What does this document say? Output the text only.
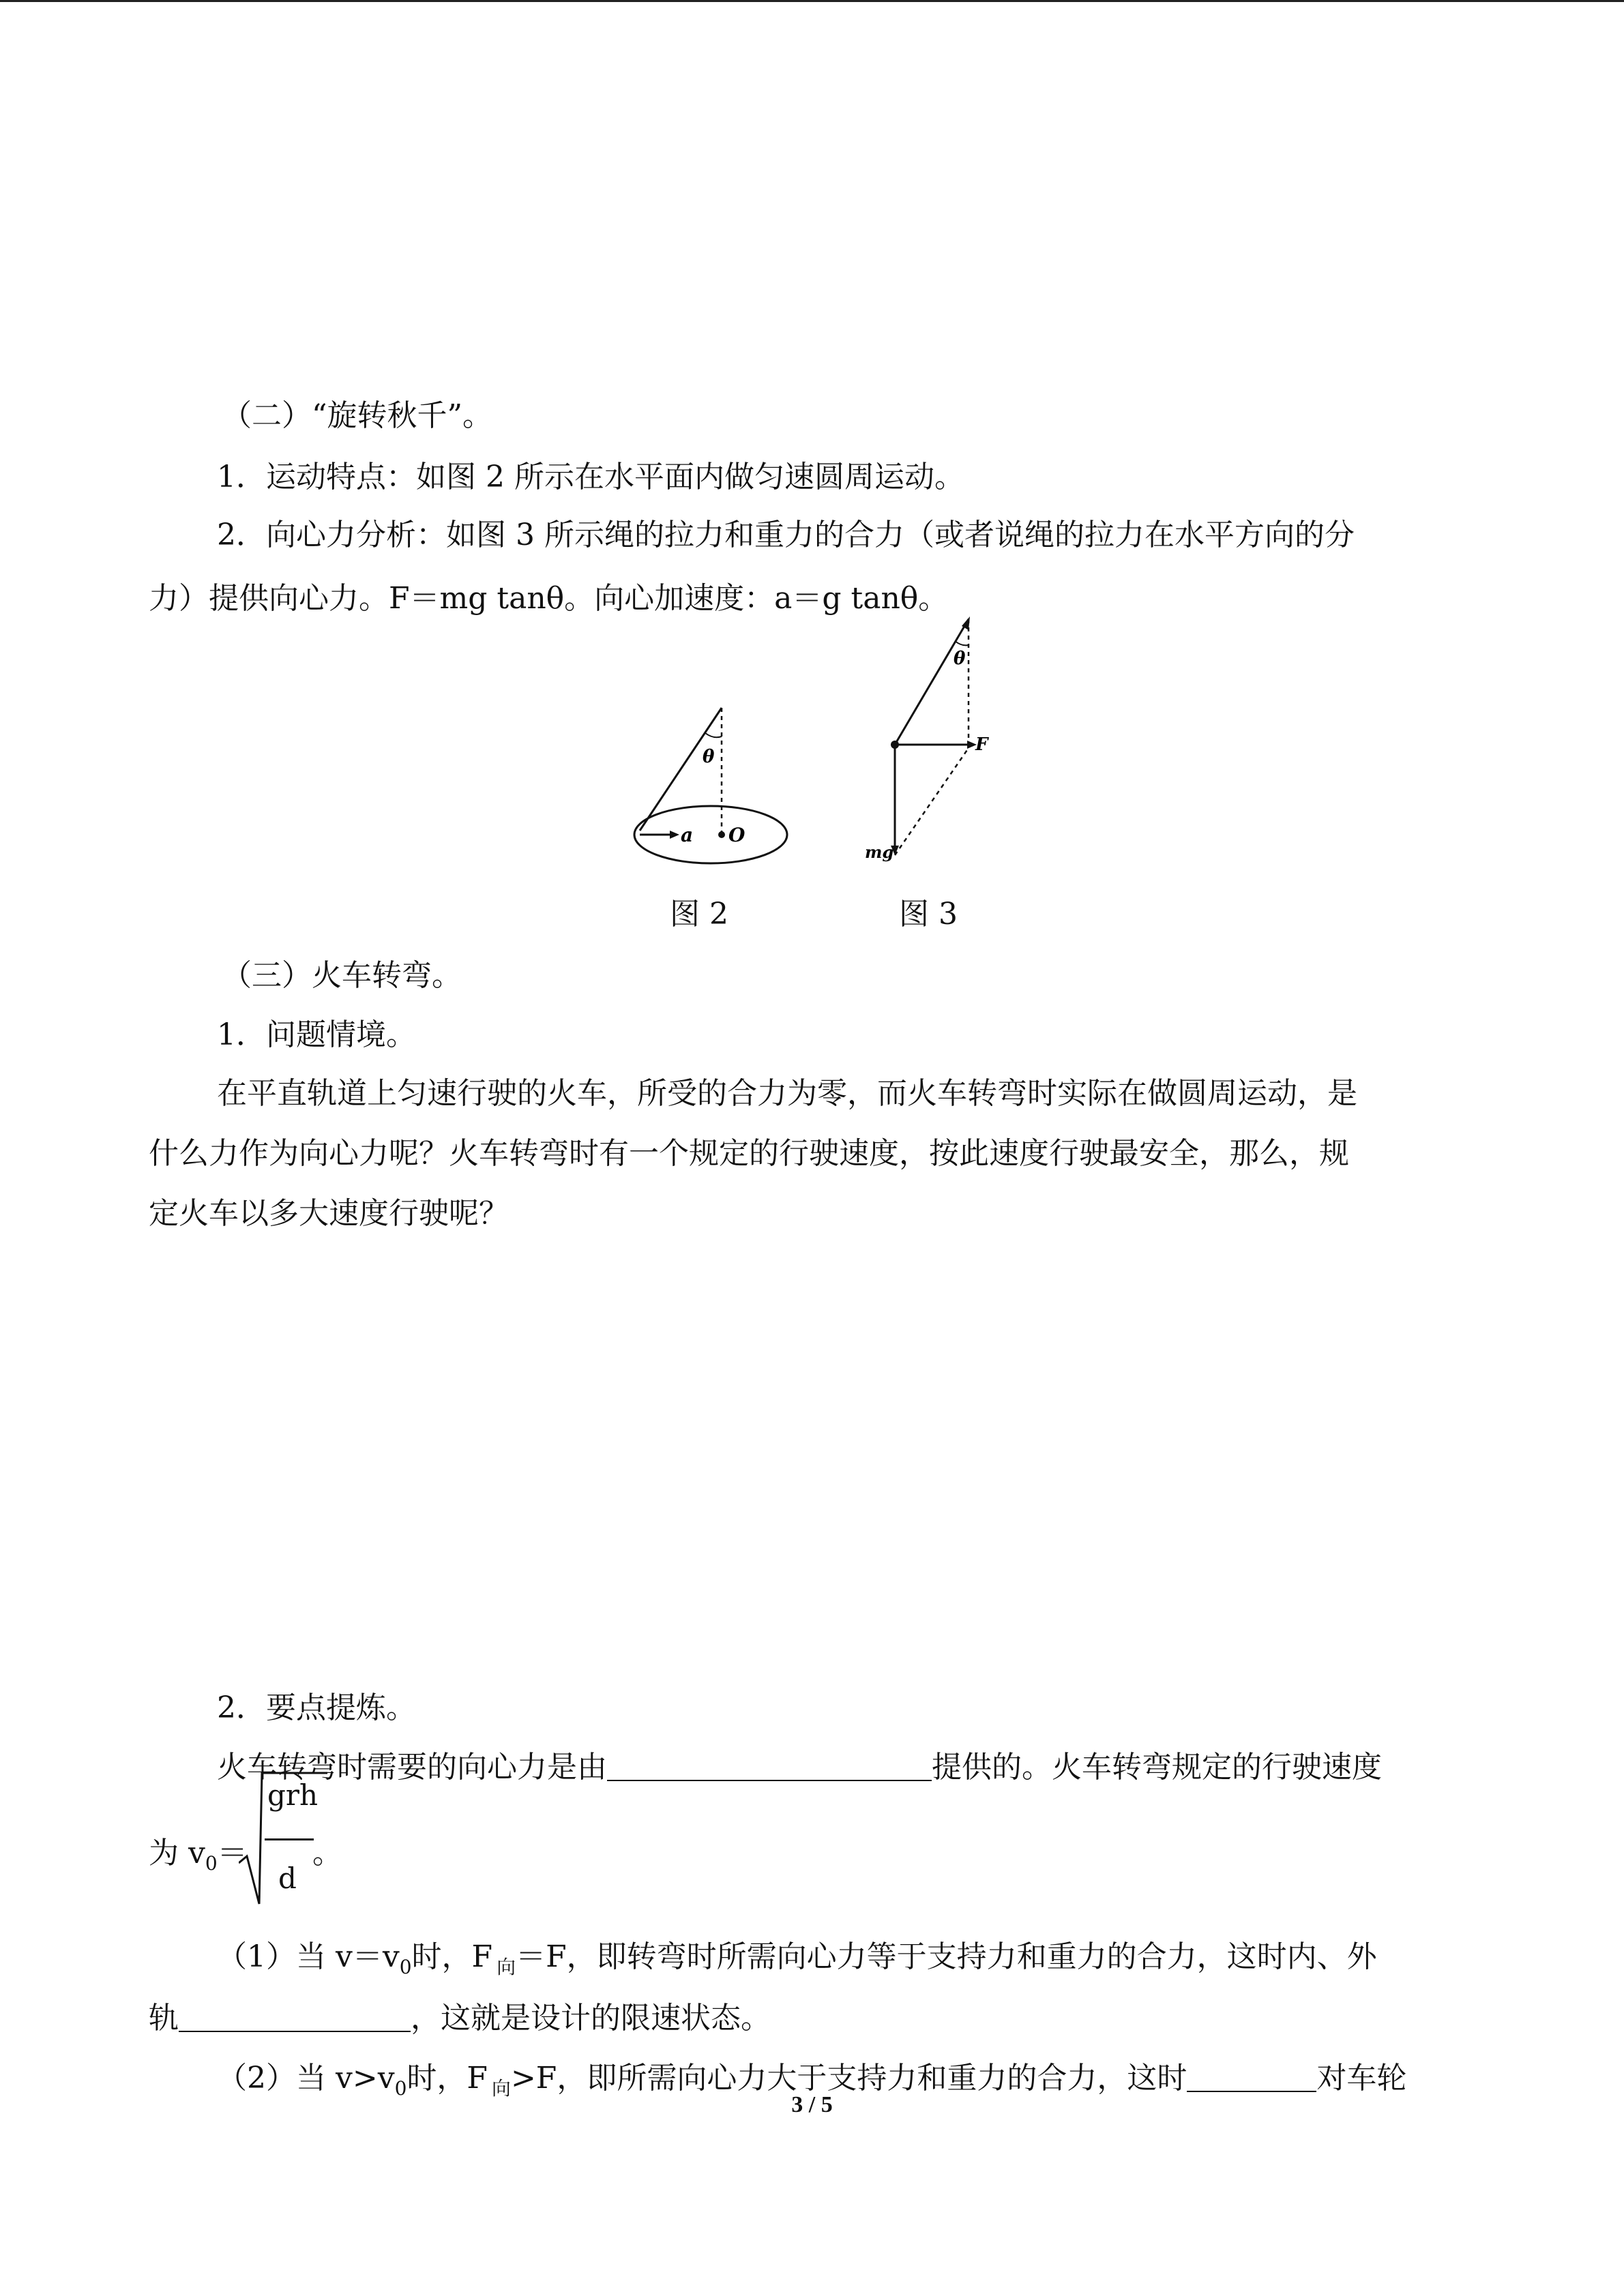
（二）“旋转秋千”。
1．运动特点：如图 2 所示在水平面内做匀速圆周运动。
2．向心力分析：如图 3 所示绳的拉力和重力的合力（或者说绳的拉力在水平方向的分
力）提供向心力。F＝mg tanθ。向心加速度：a＝g tanθ。
θ
a O
θ
F
mg
图 2	图 3
（三）火车转弯。
1．问题情境。
在平直轨道上匀速行驶的火车，所受的合力为零，而火车转弯时实际在做圆周运动，是
什么力作为向心力呢？火车转弯时有一个规定的行驶速度，按此速度行驶最安全，那么，规
定火车以多大速度行驶呢？
2．要点提炼。
火车转弯时需要的向心力是由	提供的。火车转弯规定的行驶速度
为 $v_0=$
grh
d
。
（1）当 $v=v_0$时，F $_向$＝F，即转弯时所需向心力等于支持力和重力的合力，这时内、外
轨	，这就是设计的限速状态。
（2）当 $v>v_0$时，F $_向$>F，即所需向心力大于支持力和重力的合力，这时	对车轮
3 / 5
